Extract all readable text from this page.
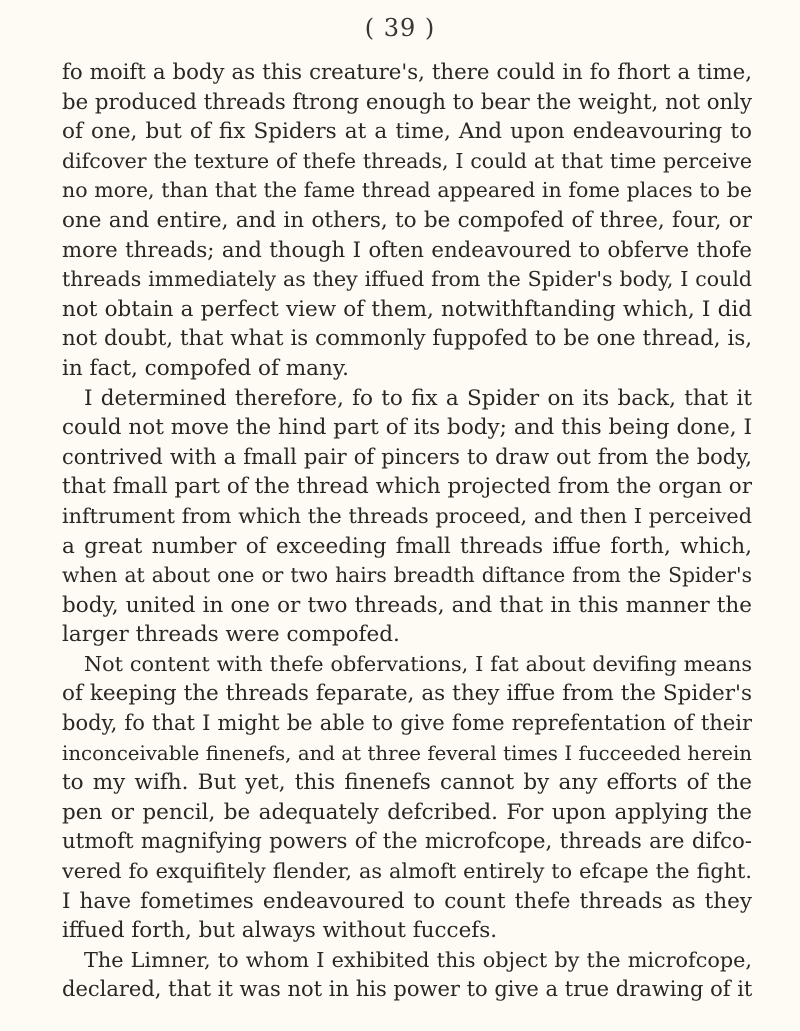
( 39 )
fo moift a body as this creature's, there could in fo fhort a time,
be produced threads ftrong enough to bear the weight, not only
of one, but of fix Spiders at a time, And upon endeavouring to
difcover the texture of thefe threads, I could at that time perceive
no more, than that the fame thread appeared in fome places to be
one and entire, and in others, to be compofed of three, four, or
more threads; and though I often endeavoured to obferve thofe
threads immediately as they iffued from the Spider's body, I could
not obtain a perfect view of them, notwithftanding which, I did
not doubt, that what is commonly fuppofed to be one thread, is,
in fact, compofed of many.
I determined therefore, fo to fix a Spider on its back, that it
could not move the hind part of its body; and this being done, I
contrived with a fmall pair of pincers to draw out from the body,
that fmall part of the thread which projected from the organ or
inftrument from which the threads proceed, and then I perceived
a great number of exceeding fmall threads iffue forth, which,
when at about one or two hairs breadth diftance from the Spider's
body, united in one or two threads, and that in this manner the
larger threads were compofed.
Not content with thefe obfervations, I fat about devifing means
of keeping the threads feparate, as they iffue from the Spider's
body, fo that I might be able to give fome reprefentation of their
inconceivable finenefs, and at three feveral times I fucceeded herein
to my wifh. But yet, this finenefs cannot by any efforts of the
pen or pencil, be adequately defcribed. For upon applying the
utmoft magnifying powers of the microfcope, threads are difco-
vered fo exquifitely flender, as almoft entirely to efcape the fight.
I have fometimes endeavoured to count thefe threads as they
iffued forth, but always without fuccefs.
The Limner, to whom I exhibited this object by the microfcope,
declared, that it was not in his power to give a true drawing of it
